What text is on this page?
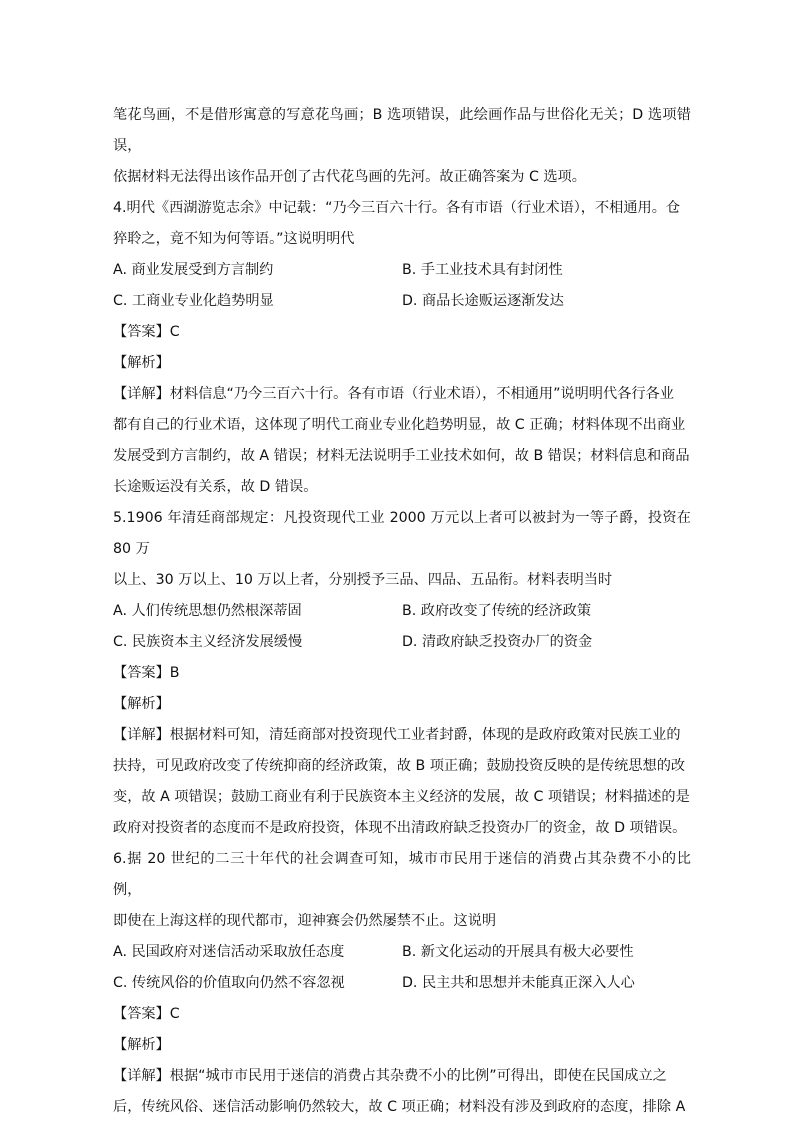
笔花鸟画，不是借形寓意的写意花鸟画；B 选项错误，此绘画作品与世俗化无关；D 选项错误，

依据材料无法得出该作品开创了古代花鸟画的先河。故正确答案为 C 选项。

4.明代《西湖游览志余》中记载：“乃今三百六十行。各有市语（行业术语），不相通用。仓

猝聆之，竟不知为何等语。”这说明明代

A. 商业发展受到方言制约	B. 手工业技术具有封闭性

C. 工商业专业化趋势明显	D. 商品长途贩运逐渐发达

【答案】C

【解析】

【详解】材料信息“乃今三百六十行。各有市语（行业术语），不相通用”说明明代各行各业

都有自己的行业术语，这体现了明代工商业专业化趋势明显，故 C 正确；材料体现不出商业

发展受到方言制约，故 A 错误；材料无法说明手工业技术如何，故 B 错误；材料信息和商品

长途贩运没有关系，故 D 错误。

5.1906 年清廷商部规定：凡投资现代工业 2000 万元以上者可以被封为一等子爵，投资在 80 万

以上、30 万以上、10 万以上者，分别授予三品、四品、五品衔。材料表明当时

A. 人们传统思想仍然根深蒂固	B. 政府改变了传统的经济政策

C. 民族资本主义经济发展缓慢	D. 清政府缺乏投资办厂的资金

【答案】B

【解析】

【详解】根据材料可知，清廷商部对投资现代工业者封爵，体现的是政府政策对民族工业的

扶持，可见政府改变了传统抑商的经济政策，故 B 项正确；鼓励投资反映的是传统思想的改

变，故 A 项错误；鼓励工商业有利于民族资本主义经济的发展，故 C 项错误；材料描述的是

政府对投资者的态度而不是政府投资，体现不出清政府缺乏投资办厂的资金，故 D 项错误。

6.据 20 世纪的二三十年代的社会调查可知，城市市民用于迷信的消费占其杂费不小的比例，

即使在上海这样的现代都市，迎神赛会仍然屡禁不止。这说明

A. 民国政府对迷信活动采取放任态度	B. 新文化运动的开展具有极大必要性

C. 传统风俗的价值取向仍然不容忽视	D. 民主共和思想并未能真正深入人心

【答案】C

【解析】

【详解】根据“城市市民用于迷信的消费占其杂费不小的比例”可得出，即使在民国成立之

后，传统风俗、迷信活动影响仍然较大，故 C 项正确；材料没有涉及到政府的态度，排除 A
